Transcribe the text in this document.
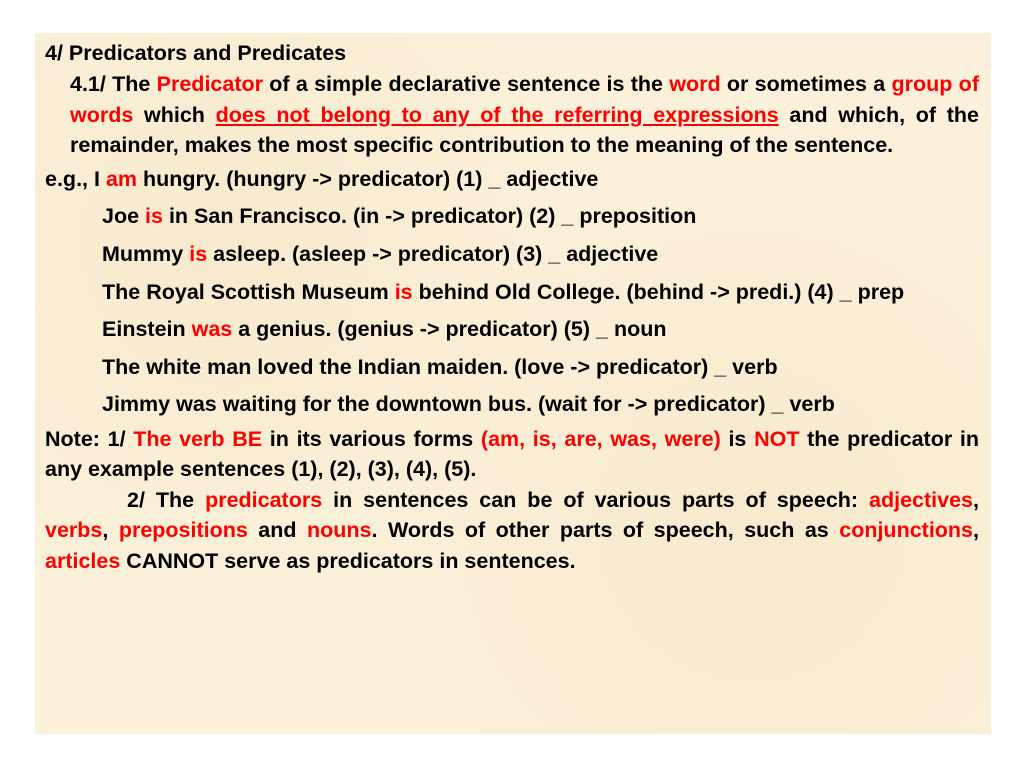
4/ Predicators and Predicates

4.1/ The Predicator of a simple declarative sentence is the word or sometimes a group of words which does not belong to any of the referring expressions and which, of the remainder, makes the most specific contribution to the meaning of the sentence.

e.g., I am hungry. (hungry -> predicator) (1) _ adjective

Joe is in San Francisco. (in -> predicator) (2) _ preposition

Mummy is asleep. (asleep -> predicator) (3) _ adjective

The Royal Scottish Museum is behind Old College. (behind -> predi.) (4) _ prep

Einstein was a genius. (genius -> predicator) (5) _ noun

The white man loved the Indian maiden. (love -> predicator) _ verb

Jimmy was waiting for the downtown bus. (wait for -> predicator) _ verb

Note: 1/ The verb BE in its various forms (am, is, are, was, were) is NOT the predicator in any example sentences (1), (2), (3), (4), (5).

2/ The predicators in sentences can be of various parts of speech: adjectives, verbs, prepositions and nouns. Words of other parts of speech, such as conjunctions, articles CANNOT serve as predicators in sentences.
